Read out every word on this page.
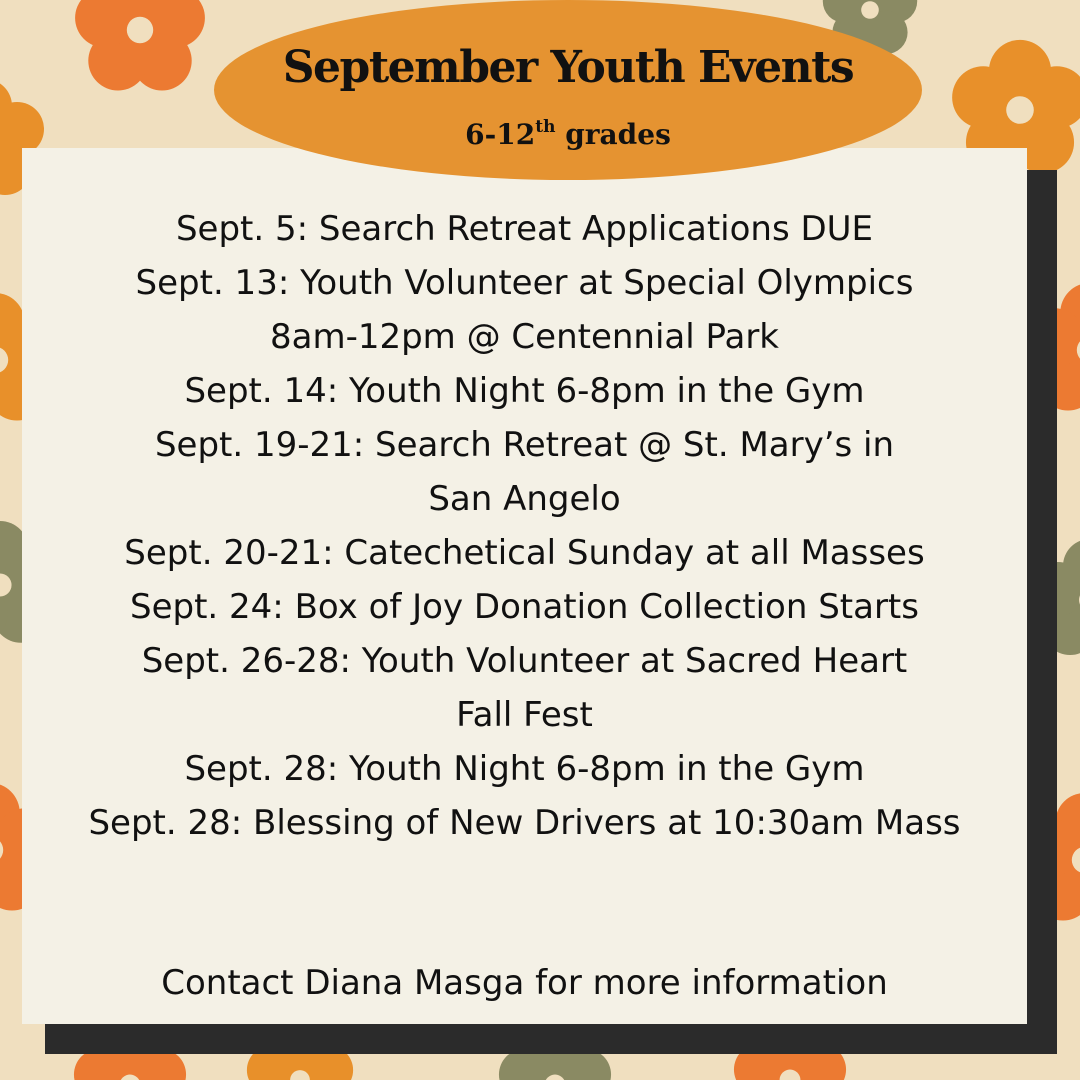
Sept. 5: Search Retreat Applications DUE
Sept. 13: Youth Volunteer at Special Olympics
8am-12pm @ Centennial Park
Sept. 14: Youth Night 6-8pm in the Gym
Sept. 19-21: Search Retreat @ St. Mary’s in
San Angelo
Sept. 20-21: Catechetical Sunday at all Masses
Sept. 24: Box of Joy Donation Collection Starts
Sept. 26-28: Youth Volunteer at Sacred Heart
Fall Fest
Sept. 28: Youth Night 6-8pm in the Gym
Sept. 28: Blessing of New Drivers at 10:30am Mass
Contact Diana Masga for more information
September Youth Events
6-12th grades
